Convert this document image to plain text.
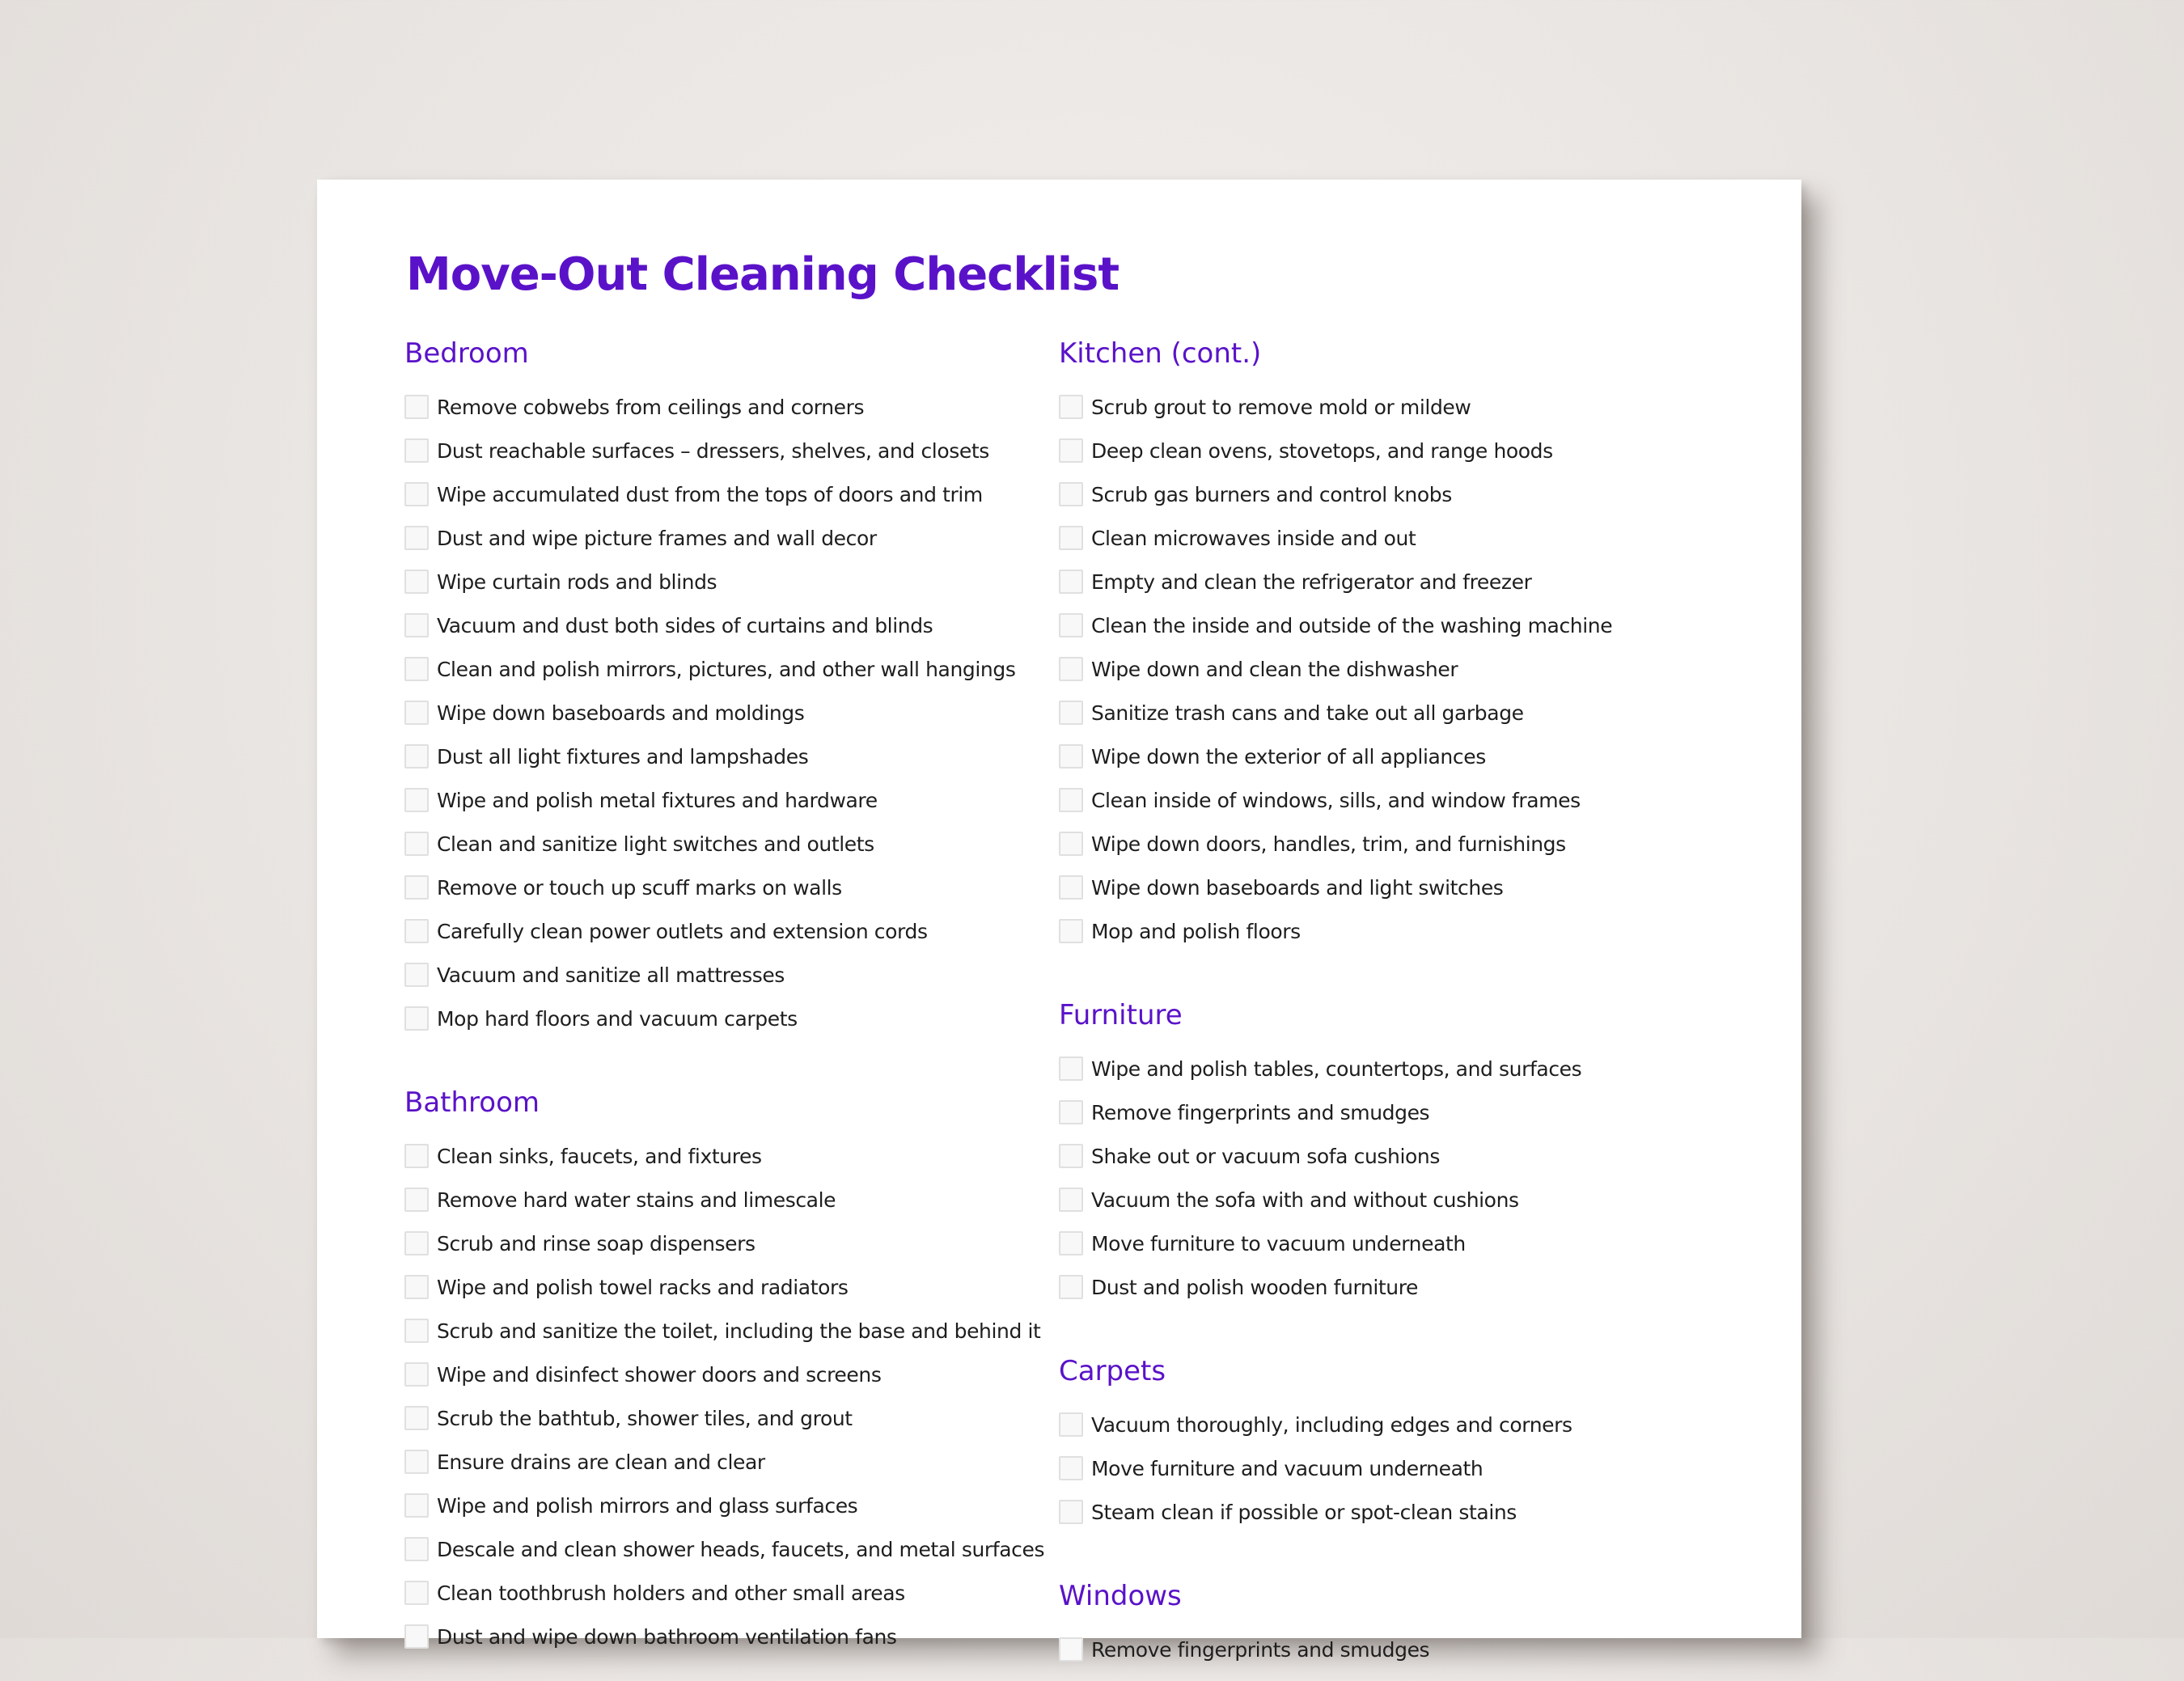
Move-Out Cleaning Checklist
Bedroom
Remove cobwebs from ceilings and corners
Dust reachable surfaces – dressers, shelves, and closets
Wipe accumulated dust from the tops of doors and trim
Dust and wipe picture frames and wall decor
Wipe curtain rods and blinds
Vacuum and dust both sides of curtains and blinds
Clean and polish mirrors, pictures, and other wall hangings
Wipe down baseboards and moldings
Dust all light fixtures and lampshades
Wipe and polish metal fixtures and hardware
Clean and sanitize light switches and outlets
Remove or touch up scuff marks on walls
Carefully clean power outlets and extension cords
Vacuum and sanitize all mattresses
Mop hard floors and vacuum carpets
Bathroom
Clean sinks, faucets, and fixtures
Remove hard water stains and limescale
Scrub and rinse soap dispensers
Wipe and polish towel racks and radiators
Scrub and sanitize the toilet, including the base and behind it
Wipe and disinfect shower doors and screens
Scrub the bathtub, shower tiles, and grout
Ensure drains are clean and clear
Wipe and polish mirrors and glass surfaces
Descale and clean shower heads, faucets, and metal surfaces
Clean toothbrush holders and other small areas
Dust and wipe down bathroom ventilation fans
Kitchen (cont.)
Scrub grout to remove mold or mildew
Deep clean ovens, stovetops, and range hoods
Scrub gas burners and control knobs
Clean microwaves inside and out
Empty and clean the refrigerator and freezer
Clean the inside and outside of the washing machine
Wipe down and clean the dishwasher
Sanitize trash cans and take out all garbage
Wipe down the exterior of all appliances
Clean inside of windows, sills, and window frames
Wipe down doors, handles, trim, and furnishings
Wipe down baseboards and light switches
Mop and polish floors
Furniture
Wipe and polish tables, countertops, and surfaces
Remove fingerprints and smudges
Shake out or vacuum sofa cushions
Vacuum the sofa with and without cushions
Move furniture to vacuum underneath
Dust and polish wooden furniture
Carpets
Vacuum thoroughly, including edges and corners
Move furniture and vacuum underneath
Steam clean if possible or spot-clean stains
Windows
Remove fingerprints and smudges
